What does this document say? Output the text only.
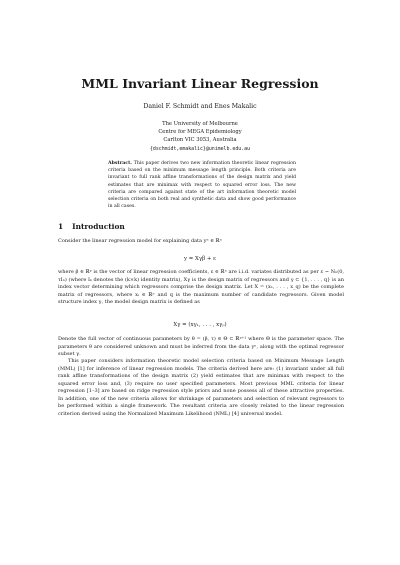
MML Invariant Linear Regression
Daniel F. Schmidt and Enes Makalic
The University of Melbourne
Centre for MEGA Epidemiology
Carlton VIC 3053, Australia
{dschmidt,emakalic}@unimelb.edu.au
Abstract. This paper derives two new information theoretic linear regression criteria based on the minimum message length principle. Both criteria are invariant to full rank affine transformations of the design matrix and yield estimates that are minimax with respect to squared error loss. The new criteria are compared against state of the art information theoretic model selection criteria on both real and synthetic data and show good performance in all cases.
1 Introduction
Consider the linear regression model for explaining data yⁿ ∈ ℝⁿ
y = Xγβ + ε
where β ∈ ℝᵖ is the vector of linear regression coefficients, ε ∈ ℝⁿ are i.i.d. variates distributed as per ε ~ Nₙ(0, τIₙ) (where Iₖ denotes the (k×k) identity matrix), Xγ is the design matrix of regressors and γ ⊂ {1, . . . , q} is an index vector determining which regressors comprise the design matrix. Let X = (x₁, . . . , x_q) be the complete matrix of regressors, where xᵢ ∈ ℝⁿ and q is the maximum number of candidate regressors. Given model structure index γ, the model design matrix is defined as
Xγ = (xγ₁, . . . , xγₚ)
Denote the full vector of continuous parameters by θ = (β, τ) ∈ Θ ⊂ ℝᵖ⁺¹ where Θ is the parameter space. The parameters θ are considered unknown and must be inferred from the data yⁿ, along with the optimal regressor subset γ.
This paper considers information theoretic model selection criteria based on Minimum Message Length (MML) [1] for inference of linear regression models. The criteria derived here are: (1) invariant under all full rank affine transformations of the design matrix (2) yield estimates that are minimax with respect to the squared error loss and, (3) require no user specified parameters. Most previous MML criteria for linear regression [1–3] are based on ridge regression style priors and none possess all of these attractive properties. In addition, one of the new criteria allows for shrinkage of parameters and selection of relevant regressors to be performed within a single framework. The resultant criteria are closely related to the linear regression criterion derived using the Normalized Maximum Likelihood (NML) [4] universal model.
